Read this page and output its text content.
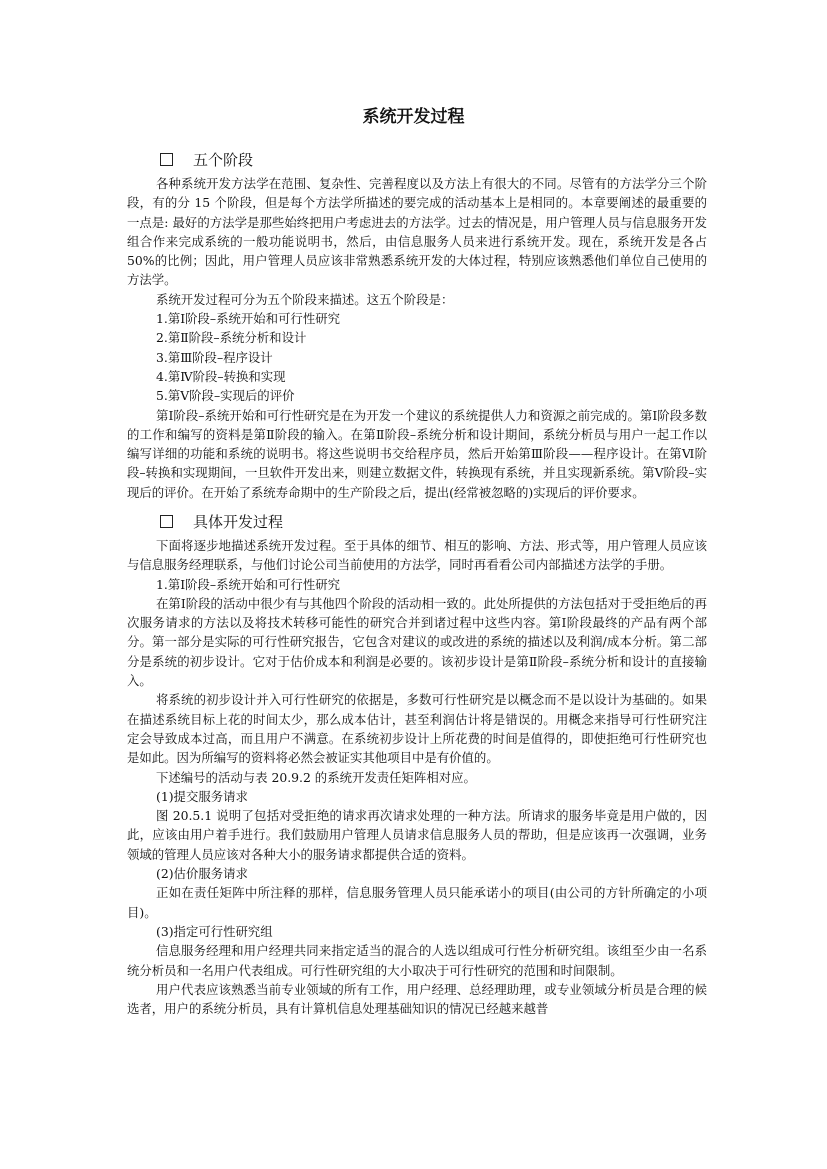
系统开发过程
五个阶段

各种系统开发方法学在范围、复杂性、完善程度以及方法上有很大的不同。尽管有的方法学分三个阶段，有的分 15 个阶段，但是每个方法学所描述的要完成的活动基本上是相同的。本章要阐述的最重要的一点是: 最好的方法学是那些始终把用户考虑进去的方法学。过去的情况是，用户管理人员与信息服务开发组合作来完成系统的一般功能说明书，然后，由信息服务人员来进行系统开发。现在，系统开发是各占 50%的比例；因此，用户管理人员应该非常熟悉系统开发的大体过程，特别应该熟悉他们单位自己使用的方法学。

系统开发过程可分为五个阶段来描述。这五个阶段是：

1.第Ⅰ阶段–系统开始和可行性研究

2.第Ⅱ阶段–系统分析和设计

3.第Ⅲ阶段–程序设计

4.第Ⅳ阶段–转换和实现

5.第Ⅴ阶段–实现后的评价

第Ⅰ阶段–系统开始和可行性研究是在为开发一个建议的系统提供人力和资源之前完成的。第Ⅰ阶段多数的工作和编写的资料是第Ⅱ阶段的输入。在第Ⅱ阶段–系统分析和设计期间，系统分析员与用户一起工作以编写详细的功能和系统的说明书。将这些说明书交给程序员，然后开始第Ⅲ阶段——程序设计。在第Ⅵ阶段–转换和实现期间，一旦软件开发出来，则建立数据文件，转换现有系统，并且实现新系统。第Ⅴ阶段–实现后的评价。在开始了系统寿命期中的生产阶段之后，提出(经常被忽略的)实现后的评价要求。

具体开发过程

下面将逐步地描述系统开发过程。至于具体的细节、相互的影响、方法、形式等，用户管理人员应该与信息服务经理联系，与他们讨论公司当前使用的方法学，同时再看看公司内部描述方法学的手册。

1.第Ⅰ阶段–系统开始和可行性研究

在第Ⅰ阶段的活动中很少有与其他四个阶段的活动相一致的。此处所提供的方法包括对于受拒绝后的再次服务请求的方法以及将技术转移可能性的研究合并到诸过程中这些内容。第Ⅰ阶段最终的产品有两个部分。第一部分是实际的可行性研究报告，它包含对建议的或改进的系统的描述以及利润/成本分析。第二部分是系统的初步设计。它对于估价成本和利润是必要的。该初步设计是第Ⅱ阶段–系统分析和设计的直接输入。

将系统的初步设计并入可行性研究的依据是，多数可行性研究是以概念而不是以设计为基础的。如果在描述系统目标上花的时间太少，那么成本估计，甚至利润估计将是错误的。用概念来指导可行性研究注定会导致成本过高，而且用户不满意。在系统初步设计上所花费的时间是值得的，即使拒绝可行性研究也是如此。因为所编写的资料将必然会被证实其他项目中是有价值的。

下述编号的活动与表 20.9.2 的系统开发责任矩阵相对应。

(1)提交服务请求

图 20.5.1 说明了包括对受拒绝的请求再次请求处理的一种方法。所请求的服务毕竟是用户做的，因此，应该由用户着手进行。我们鼓励用户管理人员请求信息服务人员的帮助，但是应该再一次强调，业务领域的管理人员应该对各种大小的服务请求都提供合适的资料。

(2)估价服务请求

正如在责任矩阵中所注释的那样，信息服务管理人员只能承诺小的项目(由公司的方针所确定的小项目)。

(3)指定可行性研究组

信息服务经理和用户经理共同来指定适当的混合的人选以组成可行性分析研究组。该组至少由一名系统分析员和一名用户代表组成。可行性研究组的大小取决于可行性研究的范围和时间限制。

用户代表应该熟悉当前专业领域的所有工作，用户经理、总经理助理，或专业领域分析员是合理的候选者，用户的系统分析员，具有计算机信息处理基础知识的情况已经越来越普
